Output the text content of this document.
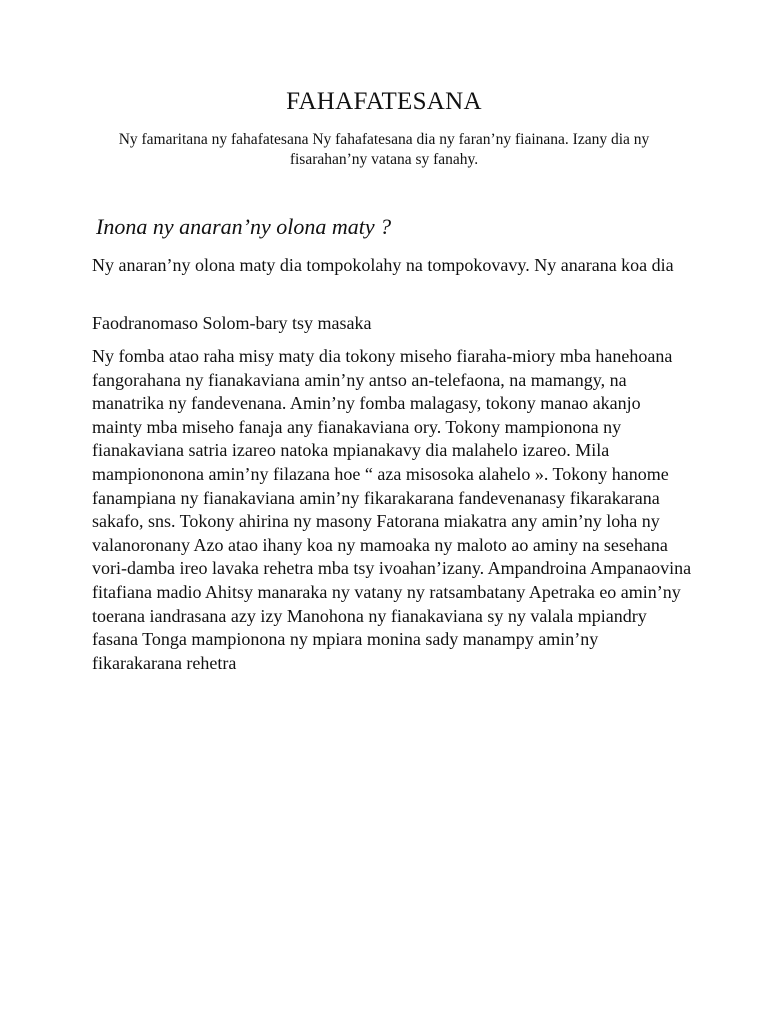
FAHAFATESANA

Ny famaritana ny fahafatesana Ny fahafatesana dia ny faran’ny fiainana. Izany dia ny fisarahan’ny vatana sy fanahy.

Inona ny anaran’ny olona maty ?

Ny anaran’ny olona maty dia tompokolahy na tompokovavy. Ny anarana koa dia

Faodranomaso Solom-bary tsy masaka

Ny fomba atao raha misy maty dia tokony miseho fiaraha-miory mba hanehoana fangorahana ny fianakaviana amin’ny antso an-telefaona, na mamangy, na manatrika ny fandevenana. Amin’ny fomba malagasy, tokony manao akanjo mainty mba miseho fanaja any fianakaviana ory. Tokony mampionona ny fianakaviana satria izareo natoka mpianakavy dia malahelo izareo. Mila mampiononona amin’ny filazana hoe “ aza misosoka alahelo ». Tokony hanome fanampiana ny fianakaviana amin’ny fikarakarana fandevenanasy fikarakarana sakafo, sns. Tokony ahirina ny masony Fatorana miakatra any amin’ny loha ny valanoronany Azo atao ihany koa ny mamoaka ny maloto ao aminy na sesehana vori-damba ireo lavaka rehetra mba tsy ivoahan’izany. Ampandroina Ampanaovina fitafiana madio Ahitsy manaraka ny vatany ny ratsambatany Apetraka eo amin’ny toerana iandrasana azy izy Manohona ny fianakaviana sy ny valala mpiandry fasana Tonga mampionona ny mpiara monina sady manampy amin’ny fikarakarana rehetra
